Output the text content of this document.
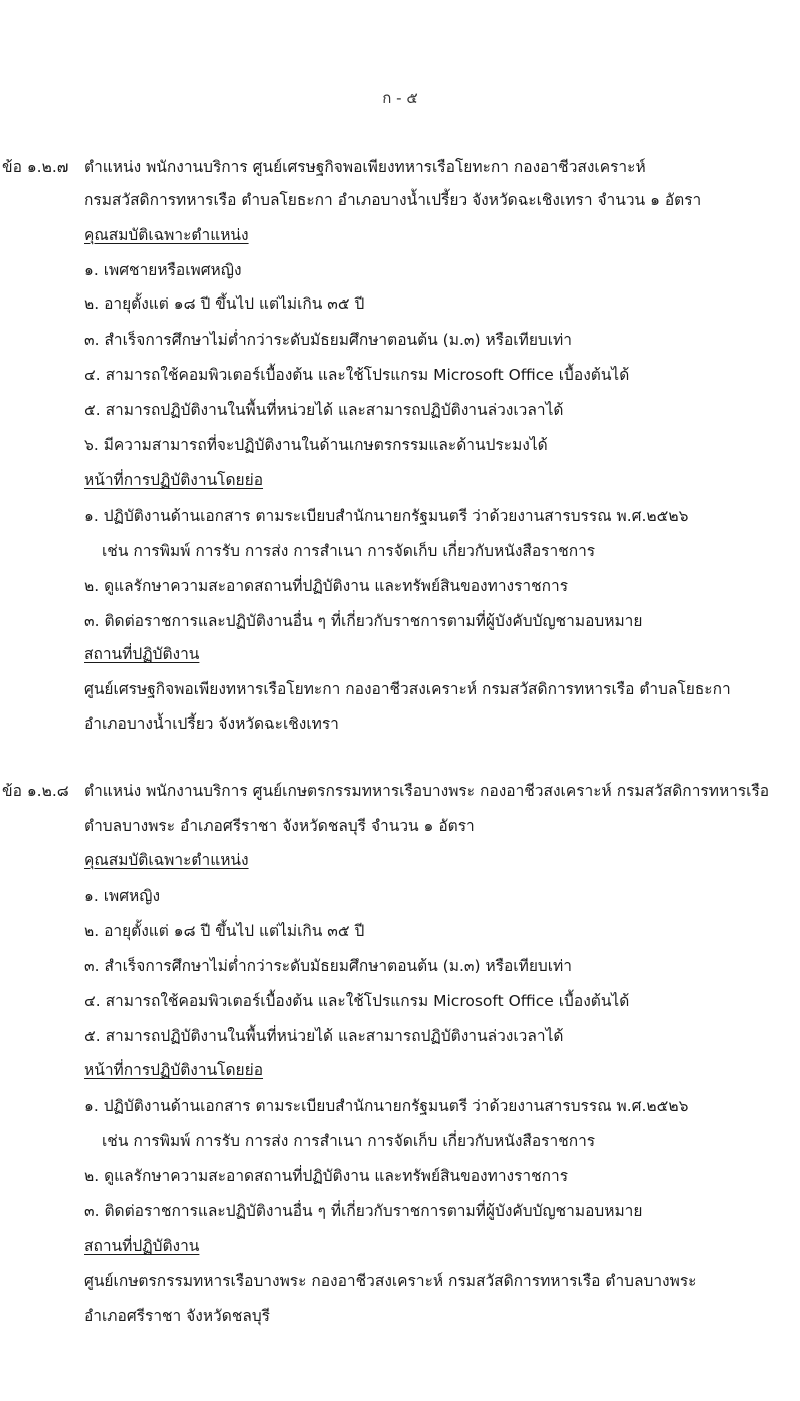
ก - ๕
ข้อ ๑.๒.๗ ตำแหน่ง พนักงานบริการ ศูนย์เศรษฐกิจพอเพียงทหารเรือโยทะกา กองอาชีวสงเคราะห์
กรมสวัสดิการทหารเรือ ตำบลโยธะกา อำเภอบางน้ำเปรี้ยว จังหวัดฉะเชิงเทรา จำนวน ๑ อัตรา
คุณสมบัติเฉพาะตำแหน่ง
๑. เพศชายหรือเพศหญิง
๒. อายุตั้งแต่ ๑๘ ปี ขึ้นไป แต่ไม่เกิน ๓๕ ปี
๓. สำเร็จการศึกษาไม่ต่ำกว่าระดับมัธยมศึกษาตอนต้น (ม.๓) หรือเทียบเท่า
๔. สามารถใช้คอมพิวเตอร์เบื้องต้น และใช้โปรแกรม Microsoft Office เบื้องต้นได้
๕. สามารถปฏิบัติงานในพื้นที่หน่วยได้ และสามารถปฏิบัติงานล่วงเวลาได้
๖. มีความสามารถที่จะปฏิบัติงานในด้านเกษตรกรรมและด้านประมงได้
หน้าที่การปฏิบัติงานโดยย่อ
๑. ปฏิบัติงานด้านเอกสาร ตามระเบียบสำนักนายกรัฐมนตรี ว่าด้วยงานสารบรรณ พ.ศ.๒๕๒๖
เช่น การพิมพ์ การรับ การส่ง การสำเนา การจัดเก็บ เกี่ยวกับหนังสือราชการ
๒. ดูแลรักษาความสะอาดสถานที่ปฏิบัติงาน และทรัพย์สินของทางราชการ
๓. ติดต่อราชการและปฏิบัติงานอื่น ๆ ที่เกี่ยวกับราชการตามที่ผู้บังคับบัญชามอบหมาย
สถานที่ปฏิบัติงาน
ศูนย์เศรษฐกิจพอเพียงทหารเรือโยทะกา กองอาชีวสงเคราะห์ กรมสวัสดิการทหารเรือ ตำบลโยธะกา
อำเภอบางน้ำเปรี้ยว จังหวัดฉะเชิงเทรา
ข้อ ๑.๒.๘ ตำแหน่ง พนักงานบริการ ศูนย์เกษตรกรรมทหารเรือบางพระ กองอาชีวสงเคราะห์ กรมสวัสดิการทหารเรือ
ตำบลบางพระ อำเภอศรีราชา จังหวัดชลบุรี จำนวน ๑ อัตรา
คุณสมบัติเฉพาะตำแหน่ง
๑. เพศหญิง
๒. อายุตั้งแต่ ๑๘ ปี ขึ้นไป แต่ไม่เกิน ๓๕ ปี
๓. สำเร็จการศึกษาไม่ต่ำกว่าระดับมัธยมศึกษาตอนต้น (ม.๓) หรือเทียบเท่า
๔. สามารถใช้คอมพิวเตอร์เบื้องต้น และใช้โปรแกรม Microsoft Office เบื้องต้นได้
๕. สามารถปฏิบัติงานในพื้นที่หน่วยได้ และสามารถปฏิบัติงานล่วงเวลาได้
หน้าที่การปฏิบัติงานโดยย่อ
๑. ปฏิบัติงานด้านเอกสาร ตามระเบียบสำนักนายกรัฐมนตรี ว่าด้วยงานสารบรรณ พ.ศ.๒๕๒๖
เช่น การพิมพ์ การรับ การส่ง การสำเนา การจัดเก็บ เกี่ยวกับหนังสือราชการ
๒. ดูแลรักษาความสะอาดสถานที่ปฏิบัติงาน และทรัพย์สินของทางราชการ
๓. ติดต่อราชการและปฏิบัติงานอื่น ๆ ที่เกี่ยวกับราชการตามที่ผู้บังคับบัญชามอบหมาย
สถานที่ปฏิบัติงาน
ศูนย์เกษตรกรรมทหารเรือบางพระ กองอาชีวสงเคราะห์ กรมสวัสดิการทหารเรือ ตำบลบางพระ
อำเภอศรีราชา จังหวัดชลบุรี
